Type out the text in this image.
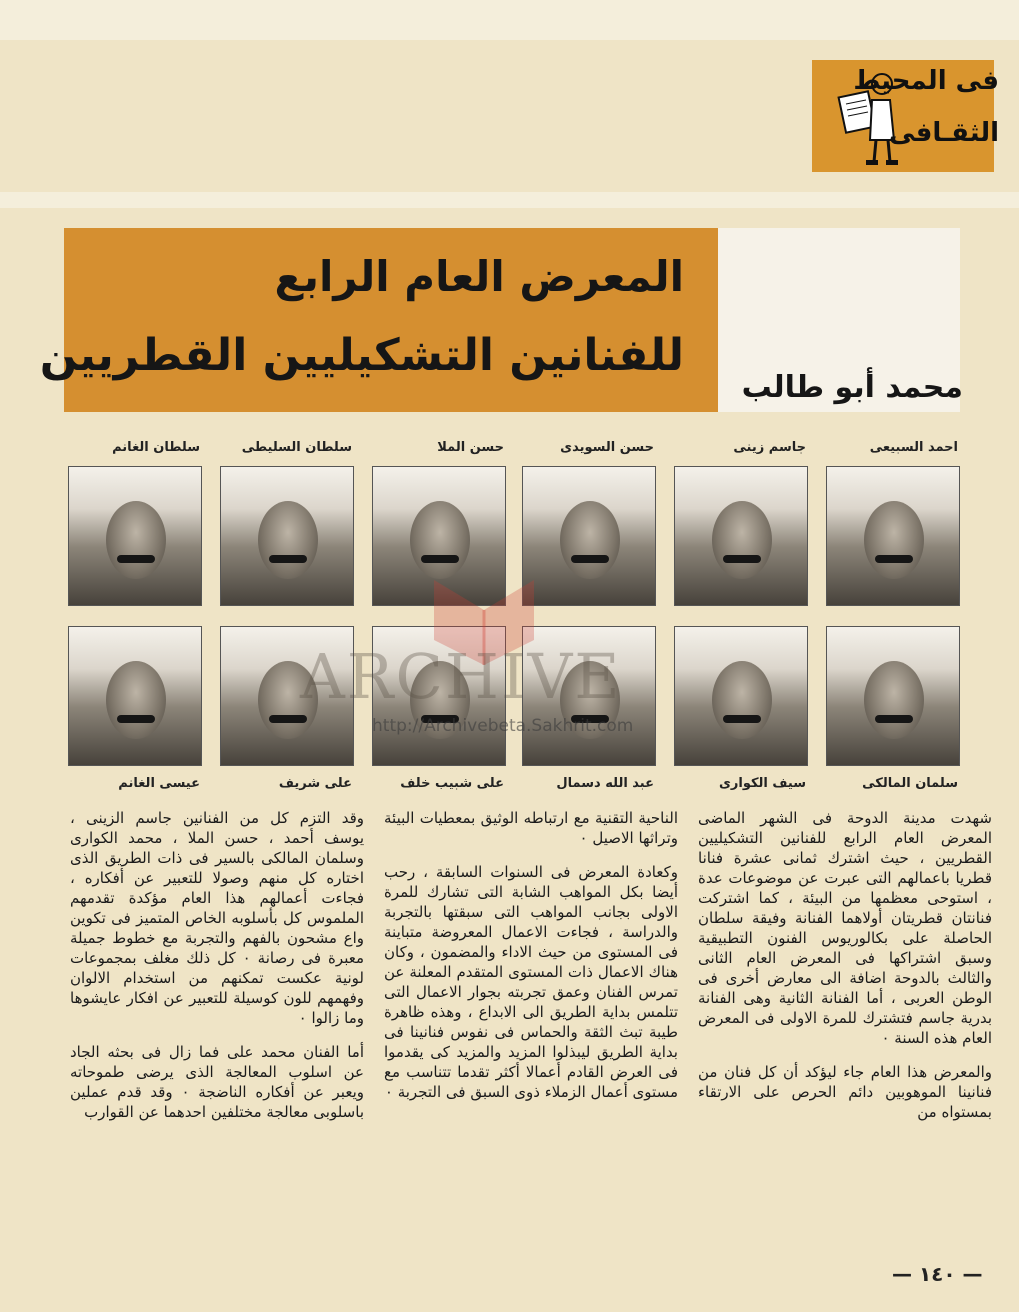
فى المحيط
الثقـافى
المعرض العام الرابع
للفنانين التشكيليين القطريين
محمد أبو طالب
احمد السبيعى
جاسم زينى
حسن السويدى
حسن الملا
سلطان السليطى
سلطان الغانم
سلمان المالكى
سيف الكوارى
عبد الله دسمال
على شبيب خلف
على شريف
عيسى الغانم
ARCHIVE
http://Archivebeta.Sakhrit.com

شهدت مدينة الدوحة فى الشهر الماضى المعرض العام الرابع للفنانين التشكيليين القطريين ، حيث اشترك ثمانى عشرة فنانا قطريا باعمالهم التى عبرت عن موضوعات عدة ، استوحى معظمها من البيئة ، كما اشتركت فنانتان قطريتان أولاهما الفنانة وفيقة سلطان الحاصلة على بكالوريوس الفنون التطبيقية وسبق اشتراكها فى المعرض العام الثانى والثالث بالدوحة اضافة الى معارض أخرى فى الوطن العربى ، أما الفنانة الثانية وهى الفنانة بدرية جاسم فتشترك للمرة الاولى فى المعرض العام هذه السنة ٠

والمعرض هذا العام جاء ليؤكد أن كل فنان من فنانينا الموهوبين دائم الحرص على الارتقاء بمستواه من

الناحية التقنية مع ارتباطه الوثيق بمعطيات البيئة وتراثها الاصيل ٠

وكعادة المعرض فى السنوات السابقة ، رحب أيضا بكل المواهب الشابة التى تشارك للمرة الاولى بجانب المواهب التى سبقتها بالتجربة والدراسة ، فجاءت الاعمال المعروضة متباينة فى المستوى من حيث الاداء والمضمون ، وكان هناك الاعمال ذات المستوى المتقدم المعلنة عن تمرس الفنان وعمق تجربته بجوار الاعمال التى تتلمس بداية الطريق الى الابداع ، وهذه ظاهرة طيبة تبث الثقة والحماس فى نفوس فنانينا فى بداية الطريق ليبذلوا المزيد والمزيد كى يقدموا فى العرض القادم أعمالا أكثر تقدما تتناسب مع مستوى أعمال الزملاء ذوى السبق فى التجربة ٠

وقد التزم كل من الفنانين جاسم الزينى ، يوسف أحمد ، حسن الملا ، محمد الكوارى وسلمان المالكى بالسير فى ذات الطريق الذى اختاره كل منهم وصولا للتعبير عن أفكاره ، فجاءت أعمالهم هذا العام مؤكدة تقدمهم الملموس كل بأسلوبه الخاص المتميز فى تكوين واع مشحون بالفهم والتجربة مع خطوط جميلة معبرة فى رصانة ٠ كل ذلك مغلف بمجموعات لونية عكست تمكنهم من استخدام الالوان وفهمهم للون كوسيلة للتعبير عن افكار عايشوها وما زالوا ٠

أما الفنان محمد على فما زال فى بحثه الجاد عن اسلوب المعالجة الذى يرضى طموحاته ويعبر عن أفكاره الناضجة ٠ وقد قدم عملين باسلوبى معالجة مختلفين احدهما عن القوارب

— ١٤٠ —
